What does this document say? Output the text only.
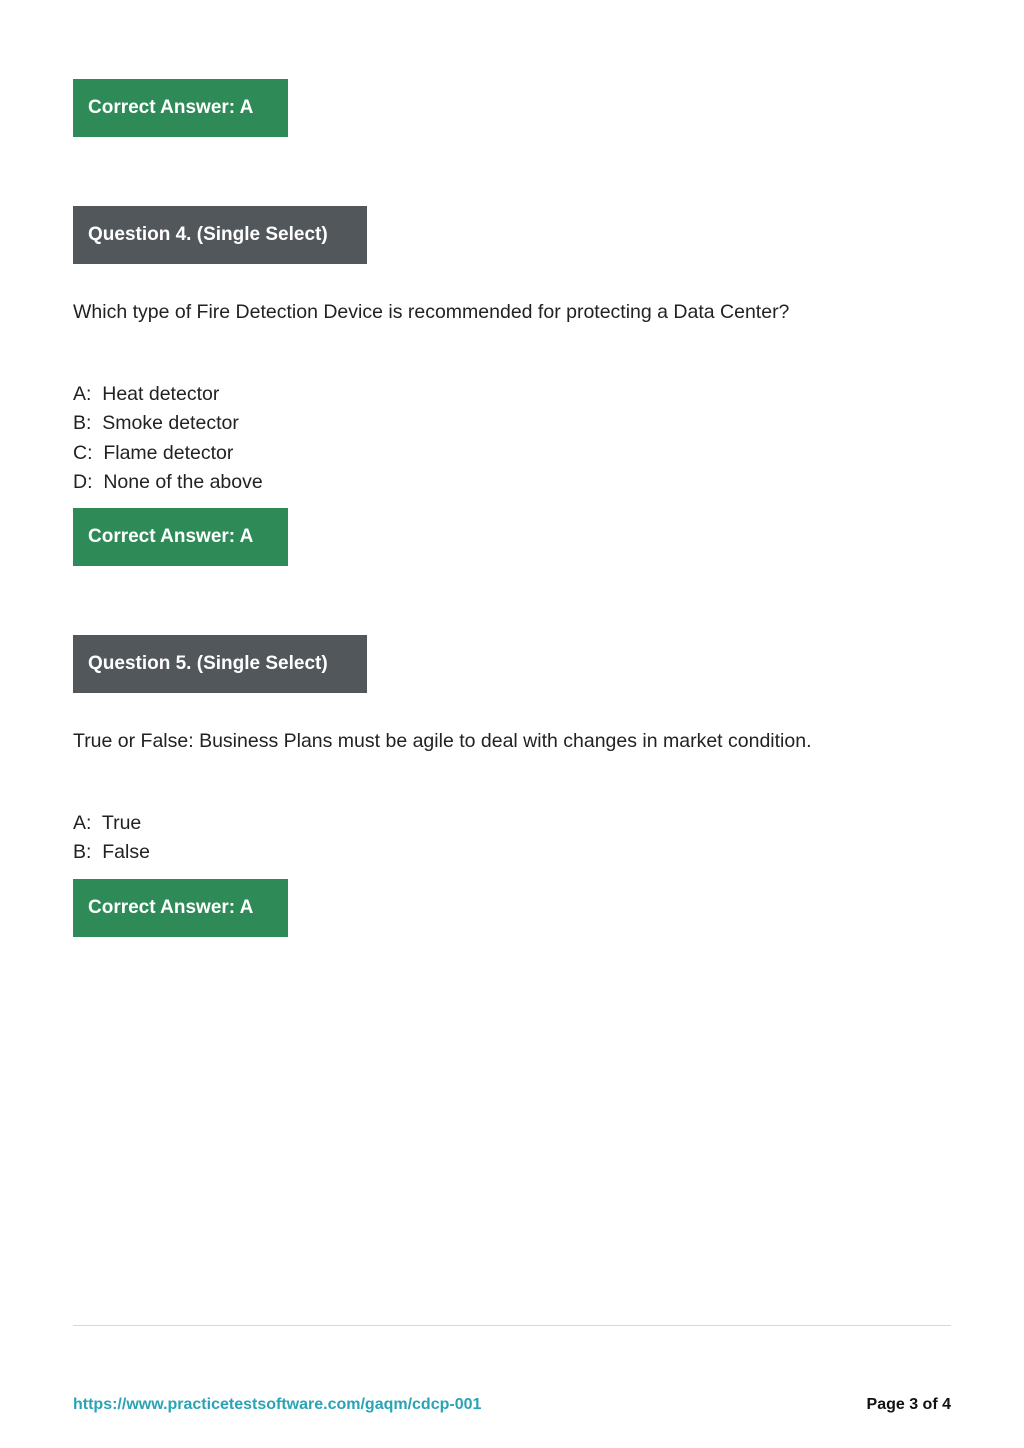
Correct Answer: A
Question 4. (Single Select)
Which type of Fire Detection Device is recommended for protecting a Data Center?
A:  Heat detector
B:  Smoke detector
C:  Flame detector
D:  None of the above
Correct Answer: A
Question 5. (Single Select)
True or False: Business Plans must be agile to deal with changes in market condition.
A:  True
B:  False
Correct Answer: A
https://www.practicetestsoftware.com/gaqm/cdcp-001	Page 3 of 4
